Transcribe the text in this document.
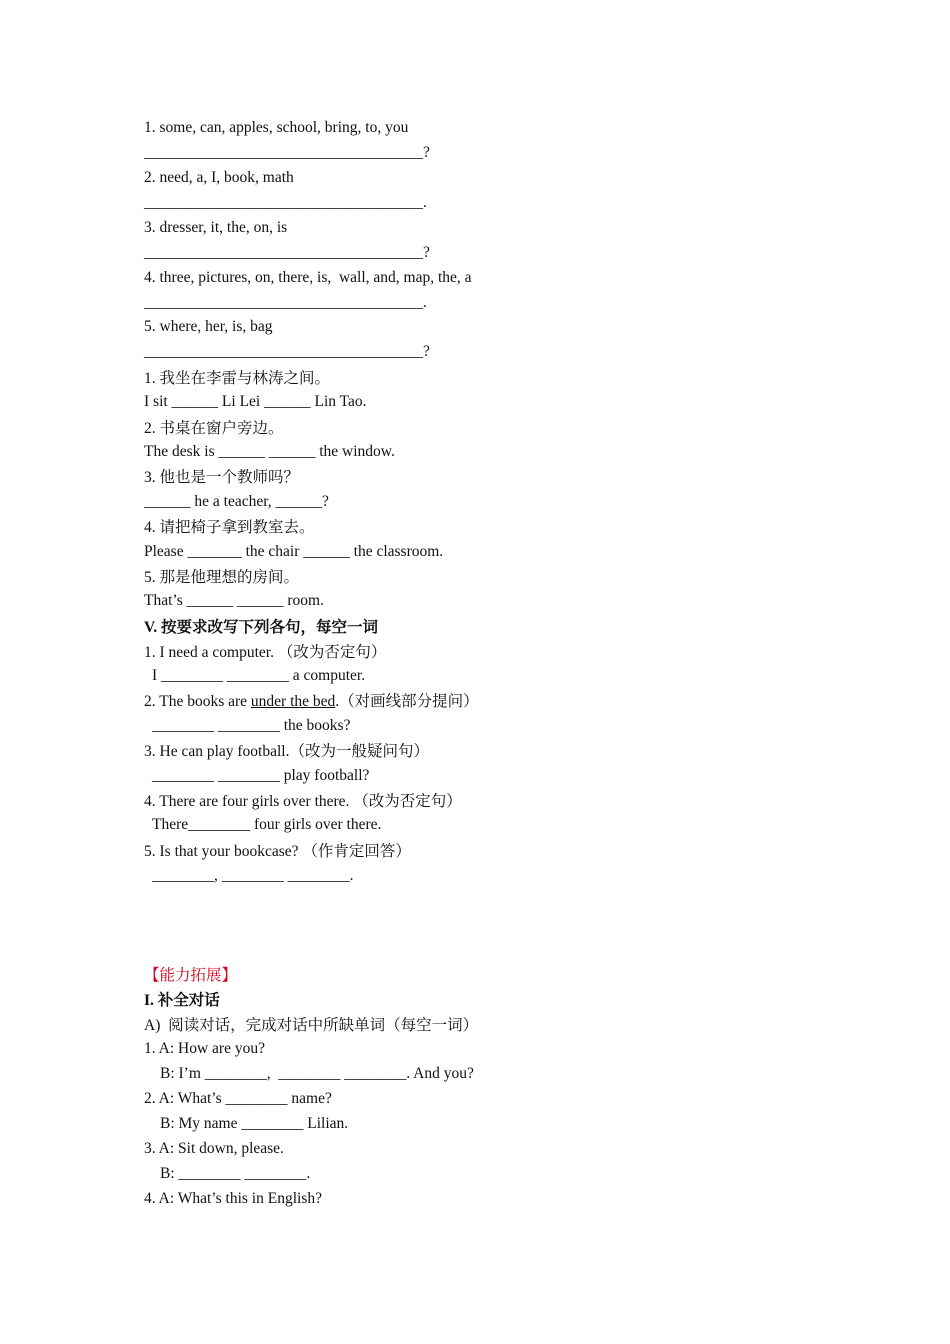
1. some, can, apples, school, bring, to, you
____________________________________?
2. need, a, I, book, math
____________________________________.
3. dresser, it, the, on, is
____________________________________?
4. three, pictures, on, there, is,  wall, and, map, the, a
____________________________________.
5. where, her, is, bag
____________________________________?
1. 我坐在李雷与林涛之间。
I sit ______ Li Lei ______ Lin Tao.
2. 书桌在窗户旁边。
The desk is ______ ______ the window.
3. 他也是一个教师吗？
______ he a teacher, ______?
4. 请把椅子拿到教室去。
Please _______ the chair ______ the classroom.
5. 那是他理想的房间。
That’s ______ ______ room.
V. 按要求改写下列各句，每空一词
1. I need a computer. （改为否定句）
I ________ ________ a computer.
2. The books are under the bed.（对画线部分提问）
________ ________ the books?
3. He can play football.（改为一般疑问句）
________ ________ play football?
4. There are four girls over there. （改为否定句）
There________ four girls over there.
5. Is that your bookcase? （作肯定回答）
________, ________ ________.
【能力拓展】
I. 补全对话
A)  阅读对话，完成对话中所缺单词（每空一词）
1. A: How are you?
B: I’m ________,  ________ ________. And you?
2. A: What’s ________ name?
B: My name ________ Lilian.
3. A: Sit down, please.
B: ________ ________.
4. A: What’s this in English?
